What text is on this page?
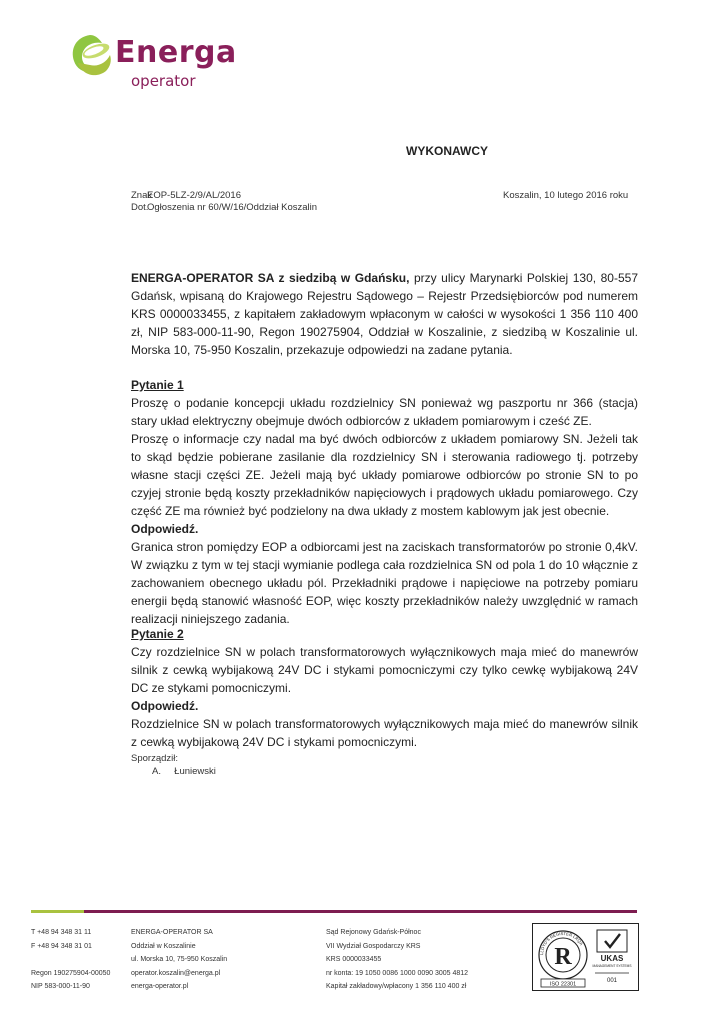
Energa
operator
WYKONAWCY
Znak
EOP-5LZ-2/9/AL/2016
Dot.
Ogłoszenia nr 60/W/16/Oddział Koszalin
Koszalin, 10 lutego 2016 roku

ENERGA-OPERATOR SA z siedzibą w Gdańsku, przy ulicy Marynarki Polskiej 130, 80-557 Gdańsk, wpisaną do Krajowego Rejestru Sądowego – Rejestr Przedsiębiorców pod numerem KRS 0000033455, z kapitałem zakładowym wpłaconym w całości w wysokości 1 356 110 400 zł, NIP 583-000-11-90, Regon 190275904, Oddział w Koszalinie, z siedzibą w Koszalinie ul. Morska 10, 75-950 Koszalin, przekazuje odpowiedzi na zadane pytania.

Pytanie 1

Proszę o podanie koncepcji układu rozdzielnicy SN ponieważ wg paszportu nr 366 (stacja) stary układ elektryczny obejmuje dwóch odbiorców z układem pomiarowym i cześć ZE.

Proszę o informacje czy nadal ma być dwóch odbiorców z układem pomiarowy SN. Jeżeli tak to skąd będzie pobierane zasilanie dla rozdzielnicy SN i sterowania radiowego tj. potrzeby własne stacji części ZE. Jeżeli mają być układy pomiarowe odbiorców po stronie SN to po czyjej stronie będą koszty przekładników napięciowych i prądowych układu pomiarowego. Czy część ZE ma również być podzielony na dwa układy z mostem kablowym jak jest obecnie.

Odpowiedź.

Granica stron pomiędzy EOP a odbiorcami jest na zaciskach transformatorów po stronie 0,4kV. W związku z tym w tej stacji wymianie podlega cała rozdzielnica SN od pola 1 do 10 włącznie z zachowaniem obecnego układu pól. Przekładniki prądowe i napięciowe na potrzeby pomiaru energii będą stanowić własność EOP, więc koszty przekładników należy uwzględnić w ramach realizacji niniejszego zadania.

Pytanie 2

Czy rozdzielnice SN w polach transformatorowych wyłącznikowych maja mieć do manewrów silnik z cewką wybijakową 24V DC i stykami pomocniczymi czy tylko cewkę wybijakową 24V DC ze stykami pomocniczymi.

Odpowiedź.

Rozdzielnice SN w polach transformatorowych wyłącznikowych maja mieć do manewrów silnik z cewką wybijakową 24V DC i stykami pomocniczymi.

Sporządził:
A.     Łuniewski
T +48 94 348 31 11
F +48 94 348 31 01
Regon 190275904-00050
NIP 583-000-11-90
ENERGA-OPERATOR SA
Oddział w Koszalinie
ul. Morska 10, 75-950 Koszalin
operator.koszalin@energa.pl
energa-operator.pl
Sąd Rejonowy Gdańsk-Północ
VII Wydział Gospodarczy KRS
KRS 0000033455
nr konta: 19 1050 0086 1000 0090 3005 4812
Kapitał zakładowy/wpłacony 1 356 110 400 zł
LLOYD'S REGISTER LRQA
R
ISO 22301
UKAS
MANAGEMENT SYSTEMS
001
